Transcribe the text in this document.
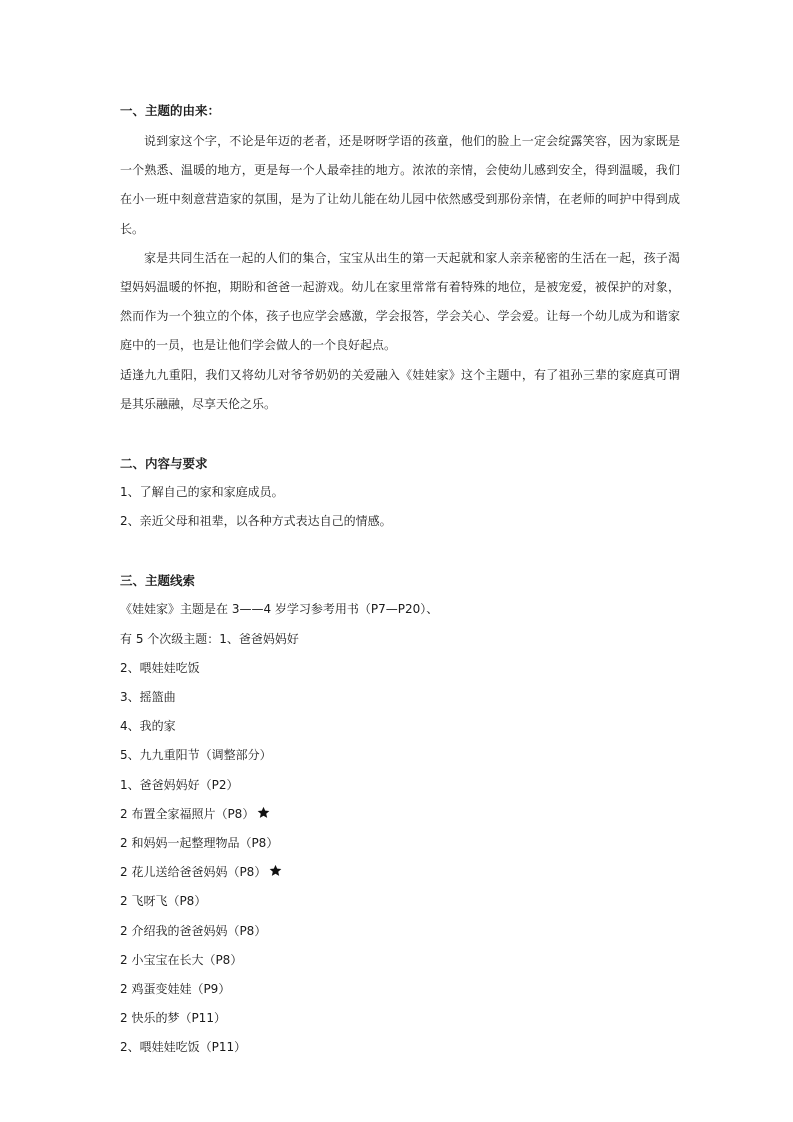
一、主题的由来：

说到家这个字，不论是年迈的老者，还是呀呀学语的孩童，他们的脸上一定会绽露笑容，因为家既是一个熟悉、温暖的地方，更是每一个人最牵挂的地方。浓浓的亲情，会使幼儿感到安全，得到温暖，我们在小一班中刻意营造家的氛围，是为了让幼儿能在幼儿园中依然感受到那份亲情，在老师的呵护中得到成长。

家是共同生活在一起的人们的集合，宝宝从出生的第一天起就和家人亲亲秘密的生活在一起，孩子渴望妈妈温暖的怀抱，期盼和爸爸一起游戏。幼儿在家里常常有着特殊的地位，是被宠爱，被保护的对象，然而作为一个独立的个体，孩子也应学会感激，学会报答，学会关心、学会爱。让每一个幼儿成为和谐家庭中的一员，也是让他们学会做人的一个良好起点。

适逢九九重阳，我们又将幼儿对爷爷奶奶的关爱融入《娃娃家》这个主题中，有了祖孙三辈的家庭真可谓是其乐融融，尽享天伦之乐。

二、内容与要求

1、了解自己的家和家庭成员。

2、亲近父母和祖辈，以各种方式表达自己的情感。

三、主题线索

《娃娃家》主题是在 3——4 岁学习参考用书（P7—P20）、

有 5 个次级主题：1、爸爸妈妈好

2、喂娃娃吃饭

3、摇篮曲

4、我的家

5、九九重阳节（调整部分）

1、爸爸妈妈好（P2）

2 布置全家福照片（P8）

2 和妈妈一起整理物品（P8）

2 花儿送给爸爸妈妈（P8）

2 飞呀飞（P8）

2 介绍我的爸爸妈妈（P8）

2 小宝宝在长大（P8）

2 鸡蛋变娃娃（P9）

2 快乐的梦（P11）

2、喂娃娃吃饭（P11）
